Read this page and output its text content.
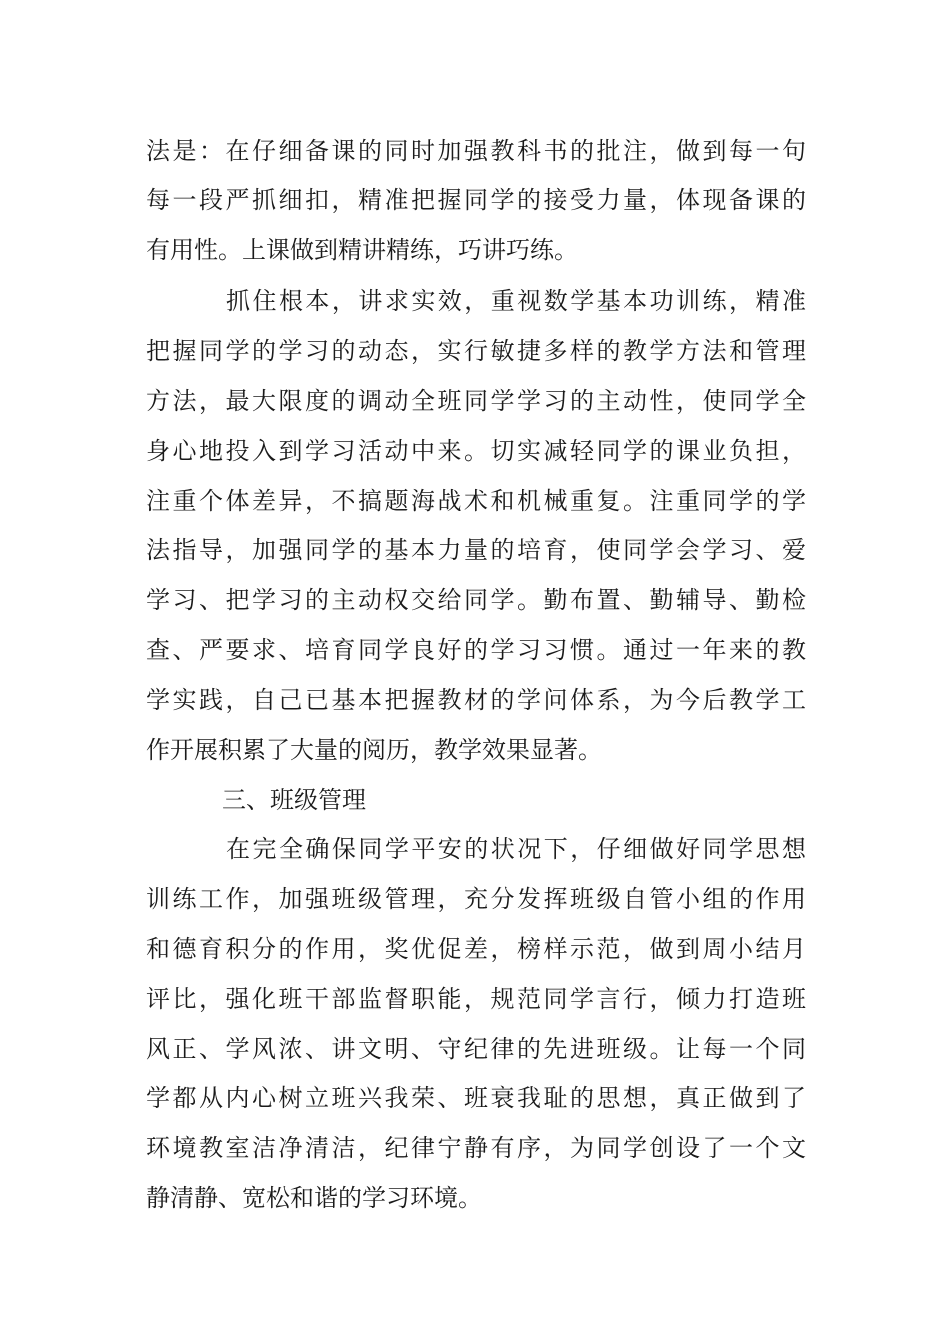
法是：在仔细备课的同时加强教科书的批注，做到每一句
每一段严抓细扣，精准把握同学的接受力量，体现备课的
有用性。上课做到精讲精练，巧讲巧练。
抓住根本，讲求实效，重视数学基本功训练，精准
把握同学的学习的动态，实行敏捷多样的教学方法和管理
方法，最大限度的调动全班同学学习的主动性，使同学全
身心地投入到学习活动中来。切实减轻同学的课业负担，
注重个体差异，不搞题海战术和机械重复。注重同学的学
法指导，加强同学的基本力量的培育，使同学会学习、爱
学习、把学习的主动权交给同学。勤布置、勤辅导、勤检
查、严要求、培育同学良好的学习习惯。通过一年来的教
学实践，自己已基本把握教材的学问体系，为今后教学工
作开展积累了大量的阅历，教学效果显著。
三、班级管理
在完全确保同学平安的状况下，仔细做好同学思想
训练工作，加强班级管理，充分发挥班级自管小组的作用
和德育积分的作用，奖优促差，榜样示范，做到周小结月
评比，强化班干部监督职能，规范同学言行，倾力打造班
风正、学风浓、讲文明、守纪律的先进班级。让每一个同
学都从内心树立班兴我荣、班衰我耻的思想，真正做到了
环境教室洁净清洁，纪律宁静有序，为同学创设了一个文
静清静、宽松和谐的学习环境。
